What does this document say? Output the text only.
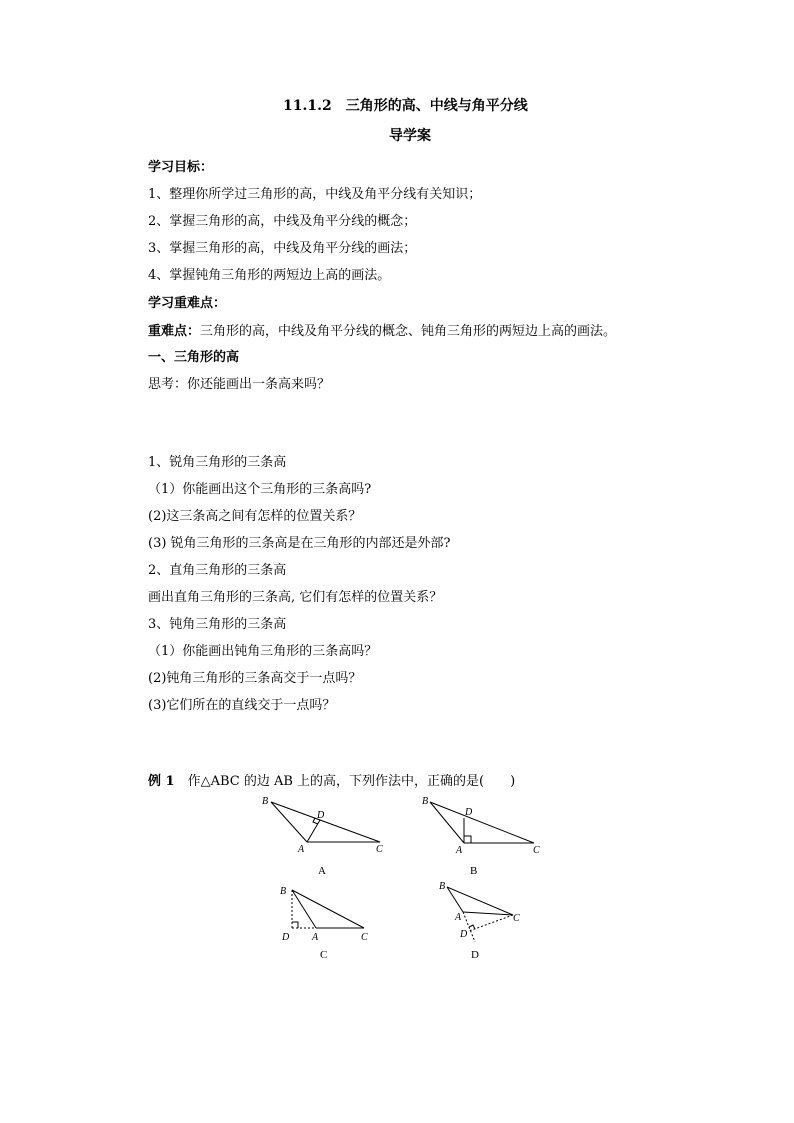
11.1.2　三角形的高、中线与角平分线
导学案
学习目标：
1、整理你所学过三角形的高，中线及角平分线有关知识；
2、掌握三角形的高，中线及角平分线的概念；
3、掌握三角形的高，中线及角平分线的画法；
4、掌握钝角三角形的两短边上高的画法。
学习重难点：
重难点：三角形的高，中线及角平分线的概念、钝角三角形的两短边上高的画法。
一、三角形的高
思考：你还能画出一条高来吗？
1、锐角三角形的三条高
（1）你能画出这个三角形的三条高吗?
(2)这三条高之间有怎样的位置关系？
(3) 锐角三角形的三条高是在三角形的内部还是外部?
2、直角三角形的三条高
画出直角三角形的三条高, 它们有怎样的位置关系？
3、钝角三角形的三条高
（1）你能画出钝角三角形的三条高吗？
(2)钝角三角形的三条高交于一点吗？
(3)它们所在的直线交于一点吗？
例 1　 作△ABC 的边 AB 上的高，下列作法中，正确的是(　　)
B
D
A	C
A
B
D
A	C
B
B
D A	C
C
B
A	C
D
D
